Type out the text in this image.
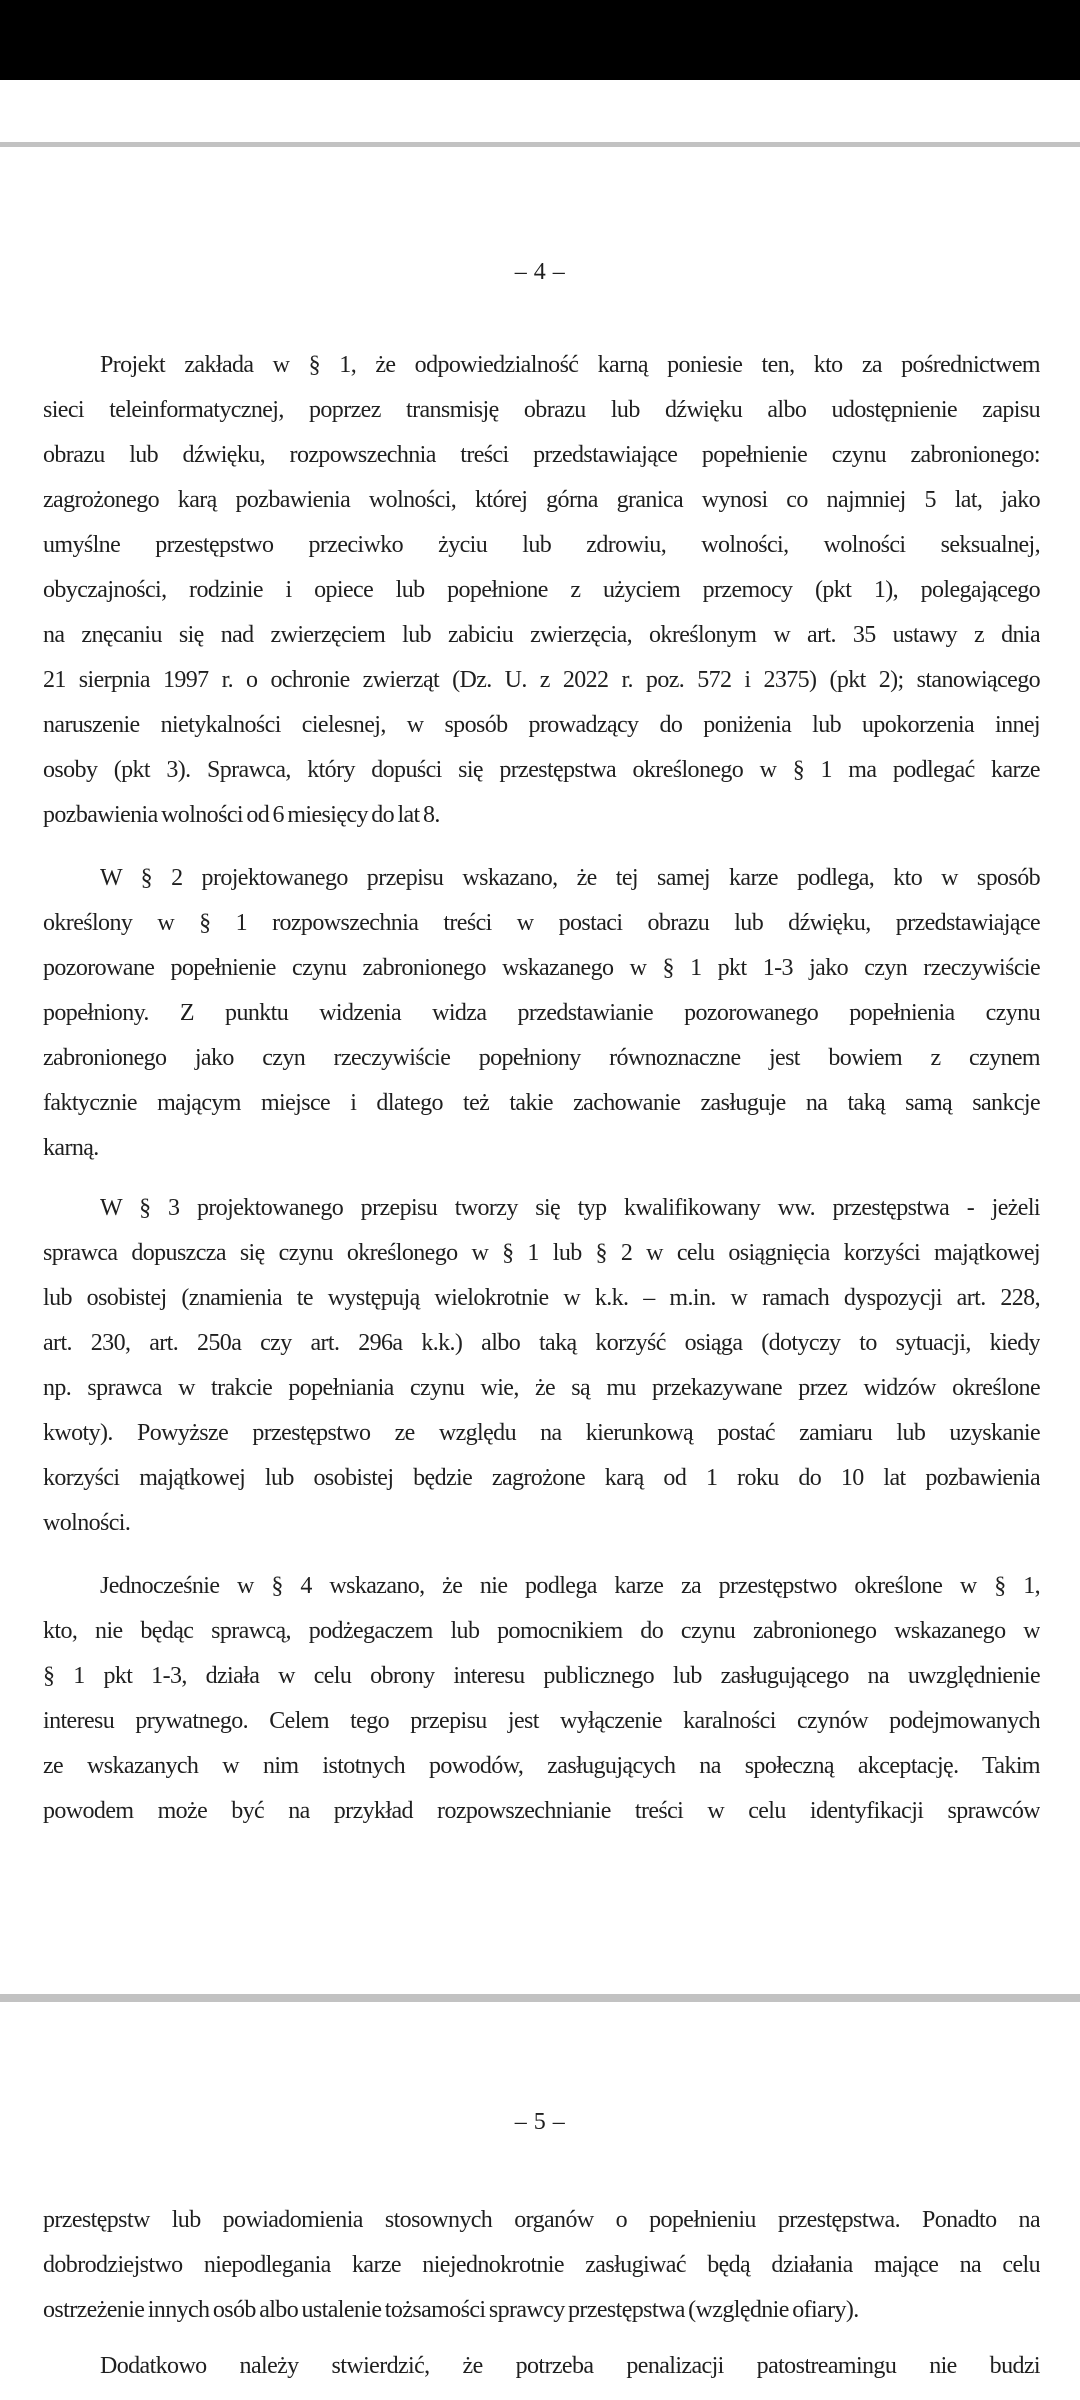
– 4 –
Projekt zakłada w § 1, że odpowiedzialność karną poniesie ten, kto za pośrednictwem
sieci teleinformatycznej, poprzez transmisję obrazu lub dźwięku albo udostępnienie zapisu
obrazu lub dźwięku, rozpowszechnia treści przedstawiające popełnienie czynu zabronionego:
zagrożonego karą pozbawienia wolności, której górna granica wynosi co najmniej 5 lat, jako
umyślne przestępstwo przeciwko życiu lub zdrowiu, wolności, wolności seksualnej,
obyczajności, rodzinie i opiece lub popełnione z użyciem przemocy (pkt 1), polegającego
na znęcaniu się nad zwierzęciem lub zabiciu zwierzęcia, określonym w art. 35 ustawy z dnia
21 sierpnia 1997 r. o ochronie zwierząt (Dz. U. z 2022 r. poz. 572 i 2375) (pkt 2); stanowiącego
naruszenie nietykalności cielesnej, w sposób prowadzący do poniżenia lub upokorzenia innej
osoby (pkt 3). Sprawca, który dopuści się przestępstwa określonego w § 1 ma podlegać karze
pozbawienia wolności od 6 miesięcy do lat 8.
W § 2 projektowanego przepisu wskazano, że tej samej karze podlega, kto w sposób
określony w § 1 rozpowszechnia treści w postaci obrazu lub dźwięku, przedstawiające
pozorowane popełnienie czynu zabronionego wskazanego w § 1 pkt 1-3 jako czyn rzeczywiście
popełniony. Z punktu widzenia widza przedstawianie pozorowanego popełnienia czynu
zabronionego jako czyn rzeczywiście popełniony równoznaczne jest bowiem z czynem
faktycznie mającym miejsce i dlatego też takie zachowanie zasługuje na taką samą sankcje
karną.
W § 3 projektowanego przepisu tworzy się typ kwalifikowany ww. przestępstwa - jeżeli
sprawca dopuszcza się czynu określonego w § 1 lub § 2 w celu osiągnięcia korzyści majątkowej
lub osobistej (znamienia te występują wielokrotnie w k.k. – m.in. w ramach dyspozycji art. 228,
art. 230, art. 250a czy art. 296a k.k.) albo taką korzyść osiąga (dotyczy to sytuacji, kiedy
np. sprawca w trakcie popełniania czynu wie, że są mu przekazywane przez widzów określone
kwoty). Powyższe przestępstwo ze względu na kierunkową postać zamiaru lub uzyskanie
korzyści majątkowej lub osobistej będzie zagrożone karą od 1 roku do 10 lat pozbawienia
wolności.
Jednocześnie w § 4 wskazano, że nie podlega karze za przestępstwo określone w § 1,
kto, nie będąc sprawcą, podżegaczem lub pomocnikiem do czynu zabronionego wskazanego w
§ 1 pkt 1-3, działa w celu obrony interesu publicznego lub zasługującego na uwzględnienie
interesu prywatnego. Celem tego przepisu jest wyłączenie karalności czynów podejmowanych
ze wskazanych w nim istotnych powodów, zasługujących na społeczną akceptację. Takim
powodem może być na przykład rozpowszechnianie treści w celu identyfikacji sprawców
– 5 –
przestępstw lub powiadomienia stosownych organów o popełnieniu przestępstwa. Ponadto na
dobrodziejstwo niepodlegania karze niejednokrotnie zasługiwać będą działania mające na celu
ostrzeżenie innych osób albo ustalenie tożsamości sprawcy przestępstwa (względnie ofiary).
Dodatkowo należy stwierdzić, że potrzeba penalizacji patostreamingu nie budzi
